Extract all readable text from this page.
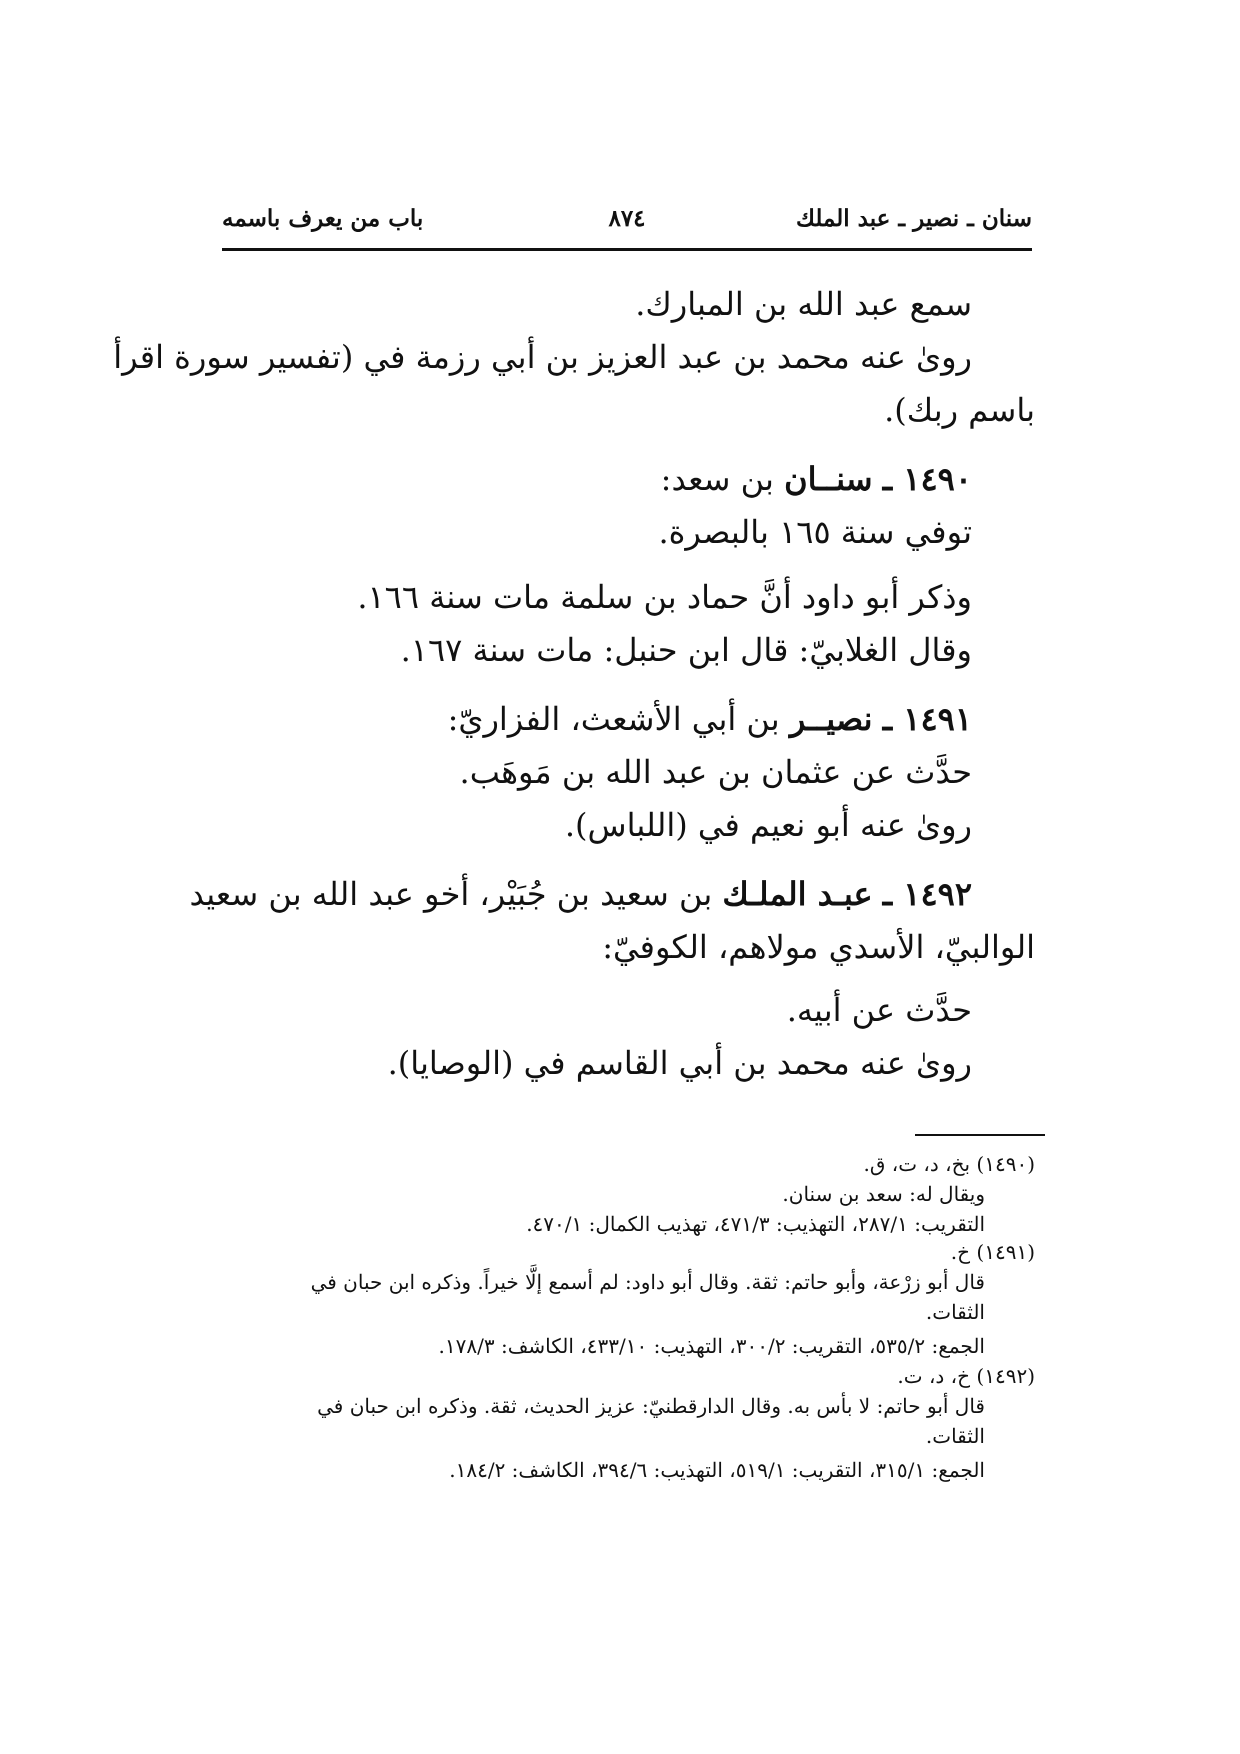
سنان ـ نصير ـ عبد الملك
٨٧٤
باب من يعرف باسمه
سمع عبد الله بن المبارك.
روىٰ عنه محمد بن عبد العزيز بن أبي رزمة في (تفسير سورة اقرأ
باسم ربك).
١٤٩٠ ـ سنــان بن سعد:
توفي سنة ١٦٥ بالبصرة.
وذكر أبو داود أنَّ حماد بن سلمة مات سنة ١٦٦.
وقال الغلابيّ: قال ابن حنبل: مات سنة ١٦٧.
١٤٩١ ـ نصيــر بن أبي الأشعث، الفزاريّ:
حدَّث عن عثمان بن عبد الله بن مَوهَب.
روىٰ عنه أبو نعيم في (اللباس).
١٤٩٢ ـ عبـد الملـك بن سعيد بن جُبَيْر، أخو عبد الله بن سعيد
الوالبيّ، الأسدي مولاهم، الكوفيّ:
حدَّث عن أبيه.
روىٰ عنه محمد بن أبي القاسم في (الوصايا).
(١٤٩٠) بخ، د، ت، ق.
ويقال له: سعد بن سنان.
التقريب: ٢٨٧/١، التهذيب: ٤٧١/٣، تهذيب الكمال: ٤٧٠/١.
(١٤٩١) خ.
قال أبو زرْعة، وأبو حاتم: ثقة. وقال أبو داود: لم أسمع إلَّا خيراً. وذكره ابن حبان في
الثقات.
الجمع: ٥٣٥/٢، التقريب: ٣٠٠/٢، التهذيب: ٤٣٣/١٠، الكاشف: ١٧٨/٣.
(١٤٩٢) خ، د، ت.
قال أبو حاتم: لا بأس به. وقال الدارقطنيّ: عزيز الحديث، ثقة. وذكره ابن حبان في
الثقات.
الجمع: ٣١٥/١، التقريب: ٥١٩/١، التهذيب: ٣٩٤/٦، الكاشف: ١٨٤/٢.
